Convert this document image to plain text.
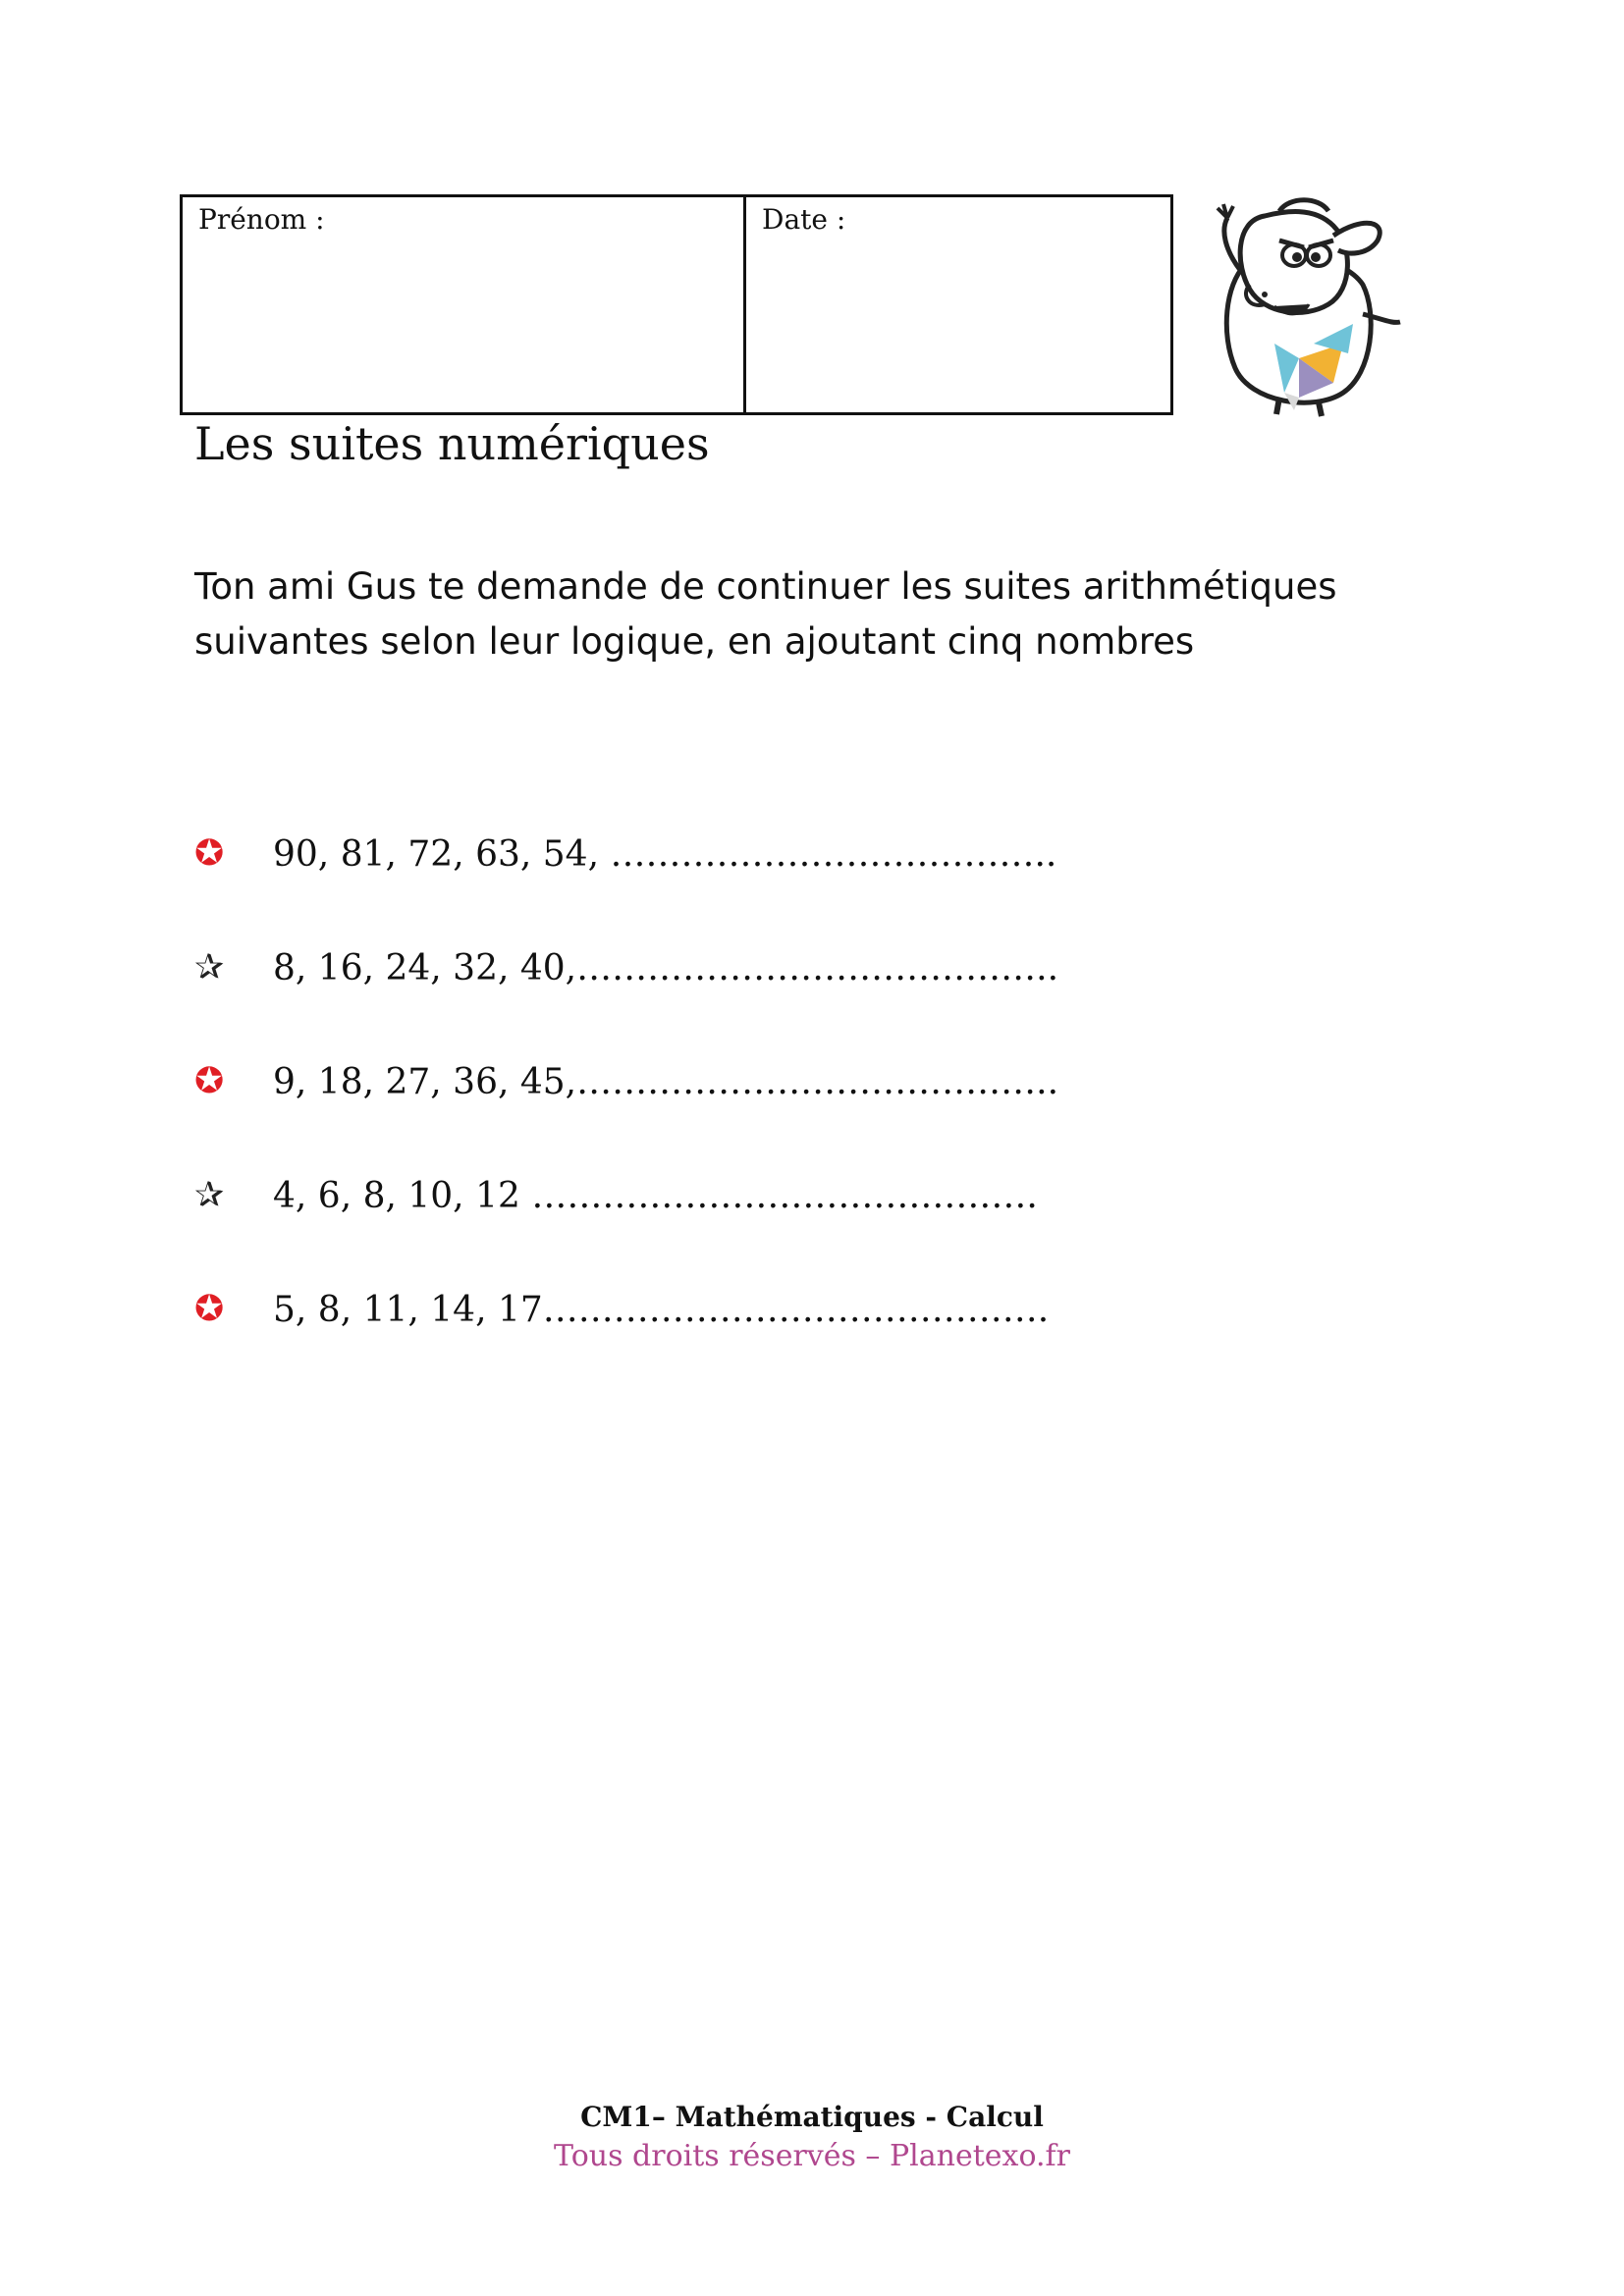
Prénom :	Date :
Les suites numériques
Ton ami Gus te demande de continuer les suites arithmétiques
suivantes selon leur logique, en ajoutant cinq nombres
✪	90, 81, 72, 63, 54, ………………………………..
✰	8, 16, 24, 32, 40,…………………………………..
✪	9, 18, 27, 36, 45,…………………………………..
✰	4, 6, 8, 10, 12 …………………………………….
✪	5, 8, 11, 14, 17…………………………………….

CM1– Mathématiques - Calcul

Tous droits réservés – Planetexo.fr
